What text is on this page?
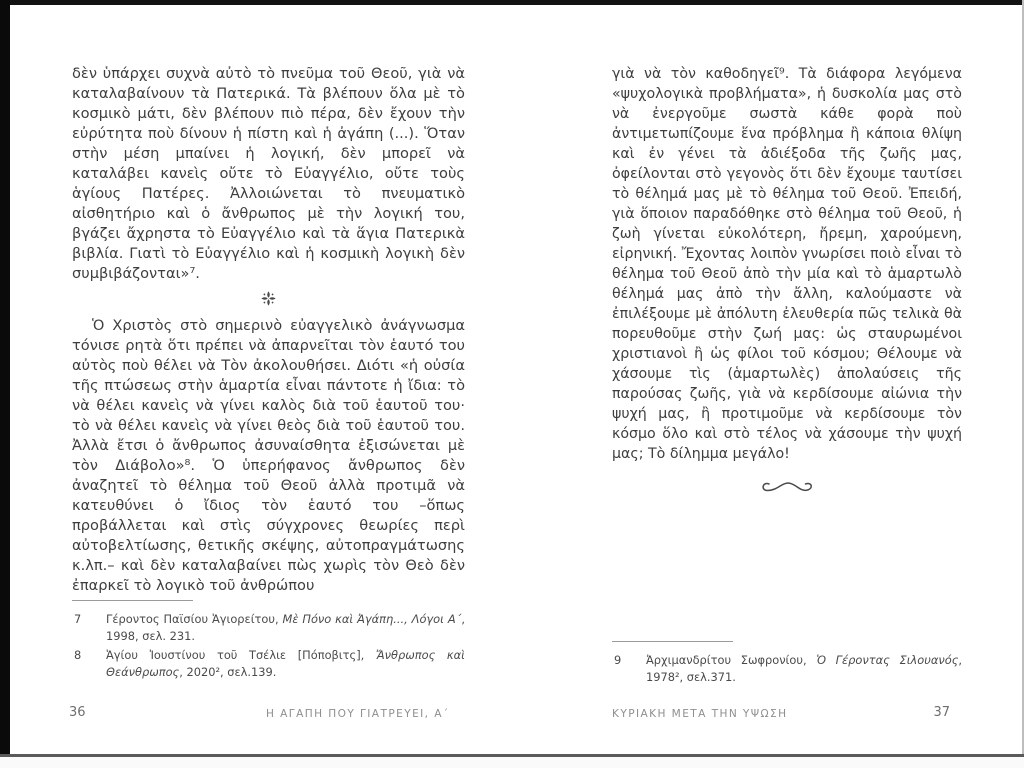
δὲν ὑπάρχει συχνὰ αὐτὸ τὸ πνεῦμα τοῦ Θεοῦ, γιὰ νὰ καταλαβαίνουν τὰ Πατερικά. Τὰ βλέπουν ὅλα μὲ τὸ κοσμικὸ μάτι, δὲν βλέπουν πιὸ πέρα, δὲν ἔχουν τὴν εὐρύτητα ποὺ δίνουν ἡ πίστη καὶ ἡ ἀγάπη (...). Ὅταν στὴν μέση μπαίνει ἡ λογική, δὲν μπορεῖ νὰ καταλάβει κανεὶς οὔτε τὸ Εὐαγγέλιο, οὔτε τοὺς ἁγίους Πατέρες. Ἀλλοιώνεται τὸ πνευματικὸ αἰσθητήριο καὶ ὁ ἄνθρωπος μὲ τὴν λογική του, βγάζει ἄχρηστα τὸ Εὐαγγέλιο καὶ τὰ ἅγια Πατερικὰ βιβλία. Γιατὶ τὸ Εὐαγγέλιο καὶ ἡ κοσμικὴ λογικὴ δὲν συμβιβάζονται»⁷.

Ὁ Χριστὸς στὸ σημερινὸ εὐαγγελικὸ ἀνάγνωσμα τόνισε ρητὰ ὅτι πρέπει νὰ ἀπαρνεῖται τὸν ἑαυτό του αὐτὸς ποὺ θέλει νὰ Τὸν ἀκολουθήσει. Διότι «ἡ οὐσία τῆς πτώσεως στὴν ἁμαρτία εἶναι πάντοτε ἡ ἴδια: τὸ νὰ θέλει κανεὶς νὰ γίνει καλὸς διὰ τοῦ ἑαυτοῦ του· τὸ νὰ θέλει κανεὶς νὰ γίνει θεὸς διὰ τοῦ ἑαυτοῦ του. Ἀλλὰ ἔτσι ὁ ἄνθρωπος ἀσυναίσθητα ἐξισώνεται μὲ τὸν Διάβολο»⁸. Ὁ ὑπερήφανος ἄνθρωπος δὲν ἀναζητεῖ τὸ θέλημα τοῦ Θεοῦ ἀλλὰ προτιμᾶ νὰ κατευθύνει ὁ ἴδιος τὸν ἑαυτό του –ὅπως προβάλλεται καὶ στὶς σύγχρονες θεωρίες περὶ αὐτοβελτίωσης, θετικῆς σκέψης, αὐτοπραγμάτωσης κ.λπ.– καὶ δὲν καταλαβαίνει πὼς χωρὶς τὸν Θεὸ δὲν ἐπαρκεῖ τὸ λογικὸ τοῦ ἀνθρώπου

7 Γέροντος Παϊσίου Ἁγιορείτου, Μὲ Πόνο καὶ Ἀγάπη..., Λόγοι Α´, 1998, σελ. 231.
8 Ἁγίου Ἰουστίνου τοῦ Τσέλιε [Πόποβιτς], Ἄνθρωπος καὶ Θεάνθρωπος, 2020², σελ.139.
36	Η ΑΓΑΠΗ ΠΟΥ ΓΙΑΤΡΕΥΕΙ, Α´

γιὰ νὰ τὸν καθοδηγεῖ⁹. Τὰ διάφορα λεγόμενα «ψυχολογικὰ προβλήματα», ἡ δυσκολία μας στὸ νὰ ἐνεργοῦμε σωστὰ κάθε φορὰ ποὺ ἀντιμετωπίζουμε ἕνα πρόβλημα ἢ κάποια θλίψη καὶ ἐν γένει τὰ ἀδιέξοδα τῆς ζωῆς μας, ὀφείλονται στὸ γεγονὸς ὅτι δὲν ἔχουμε ταυτίσει τὸ θέλημά μας μὲ τὸ θέλημα τοῦ Θεοῦ. Ἐπειδή, γιὰ ὅποιον παραδόθηκε στὸ θέλημα τοῦ Θεοῦ, ἡ ζωὴ γίνεται εὐκολότερη, ἤρεμη, χαρούμενη, εἰρηνική. Ἔχοντας λοιπὸν γνωρίσει ποιὸ εἶναι τὸ θέλημα τοῦ Θεοῦ ἀπὸ τὴν μία καὶ τὸ ἁμαρτωλὸ θέλημά μας ἀπὸ τὴν ἄλλη, καλούμαστε νὰ ἐπιλέξουμε μὲ ἀπόλυτη ἐλευθερία πῶς τελικὰ θὰ πορευθοῦμε στὴν ζωή μας: ὡς σταυρωμένοι χριστιανοὶ ἢ ὡς φίλοι τοῦ κόσμου; Θέλουμε νὰ χάσουμε τὶς (ἁμαρτωλὲς) ἀπολαύσεις τῆς παρούσας ζωῆς, γιὰ νὰ κερδίσουμε αἰώνια τὴν ψυχή μας, ἢ προτιμοῦμε νὰ κερδίσουμε τὸν κόσμο ὅλο καὶ στὸ τέλος νὰ χάσουμε τὴν ψυχή μας; Τὸ δίλημμα μεγάλο!

9 Ἀρχιμανδρίτου Σωφρονίου, Ὁ Γέροντας Σιλουανός, 1978², σελ.371.
ΚΥΡΙΑΚΗ ΜΕΤΑ ΤΗΝ ΥΨΩΣΗ	37
